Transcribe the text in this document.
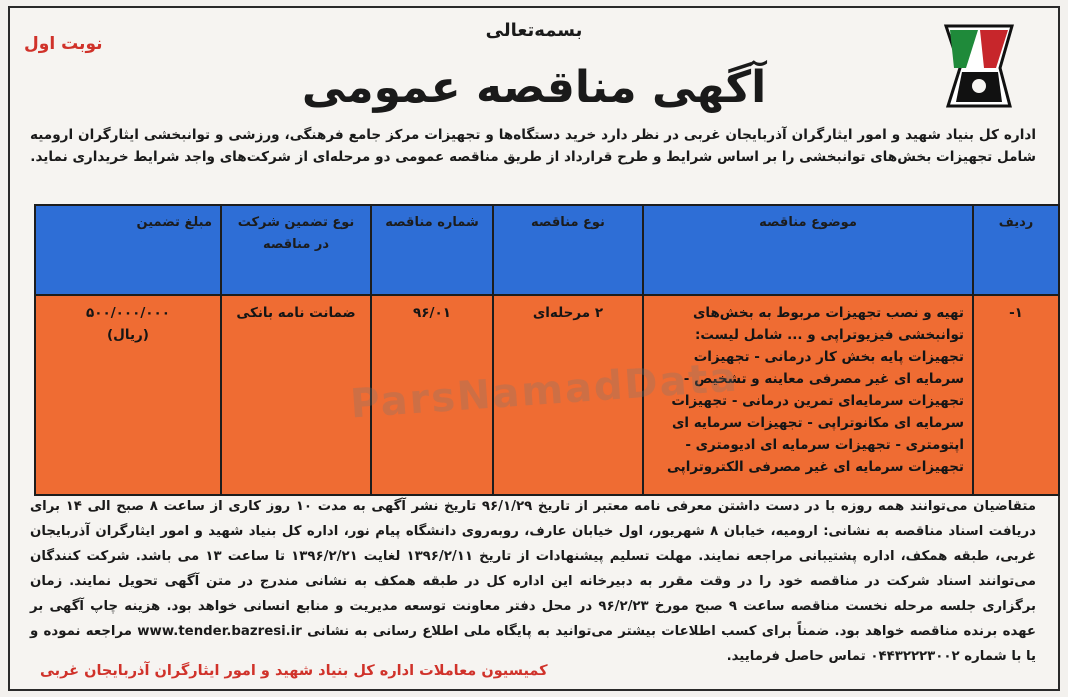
نوبت اول
بسمه‌تعالی
آگهی مناقصه عمومی
اداره کل بنیاد شهید و امور ایثارگران آذربایجان غربی در نظر دارد خرید دستگاه‌ها و تجهیزات مرکز جامع فرهنگی، ورزشی و توانبخشی ایثارگران ارومیه شامل تجهیزات بخش‌های توانبخشی را بر اساس شرایط و طرح قرارداد از طریق مناقصه عمومی دو مرحله‌ای از شرکت‌های واجد شرایط خریداری نماید.
ردیف	موضوع مناقصه	نوع مناقصه	شماره مناقصه	نوع تضمین شرکت در مناقصه	مبلغ تضمین
۱-	تهیه و نصب تجهیزات مربوط به بخش‌های توانبخشی فیزیوتراپی و ... شامل لیست: تجهیزات پایه بخش کار درمانی - تجهیزات سرمایه ای غیر مصرفی معاینه و تشخیص - تجهیزات سرمایه‌ای تمرین درمانی - تجهیزات سرمایه ای مکانوتراپی - تجهیزات سرمایه ای اپتومتری - تجهیزات سرمایه ای ادیومتری - تجهیزات سرمایه ای غیر مصرفی الکتروتراپی	۲ مرحله‌ای	۹۶/۰۱	ضمانت نامه بانکی	۵۰۰/۰۰۰/۰۰۰
(ریال)
ParsNamadData
متقاضیان می‌توانند همه روزه با در دست داشتن معرفی نامه معتبر از تاریخ ۹۶/۱/۲۹ تاریخ نشر آگهی به مدت ۱۰ روز کاری از ساعت ۸ صبح الی ۱۴ برای دریافت اسناد مناقصه به نشانی: ارومیه، خیابان ۸ شهریور، اول خیابان عارف، روبه‌روی دانشگاه پیام نور، اداره کل بنیاد شهید و امور ایثارگران آذربایجان غربی، طبقه همکف، اداره پشتیبانی مراجعه نمایند. مهلت تسلیم پیشنهادات از تاریخ ۱۳۹۶/۲/۱۱ لغایت ۱۳۹۶/۲/۲۱ تا ساعت ۱۳ می باشد. شرکت کنندگان می‌توانند اسناد شرکت در مناقصه خود را در وقت مقرر به دبیرخانه این اداره کل در طبقه همکف به نشانی مندرج در متن آگهی تحویل نمایند. زمان برگزاری جلسه مرحله نخست مناقصه ساعت ۹ صبح مورخ ۹۶/۲/۲۳ در محل دفتر معاونت توسعه مدیریت و منابع انسانی خواهد بود. هزینه چاپ آگهی بر عهده برنده مناقصه خواهد بود. ضمناً برای کسب اطلاعات بیشتر می‌توانید به پایگاه ملی اطلاع رسانی به نشانی www.tender.bazresi.ir مراجعه نموده و یا با شماره ۰۴۴۳۲۲۲۳۰۰۲ تماس حاصل فرمایید.
کمیسیون معاملات اداره کل بنیاد شهید و امور ایثارگران آذربایجان غربی
